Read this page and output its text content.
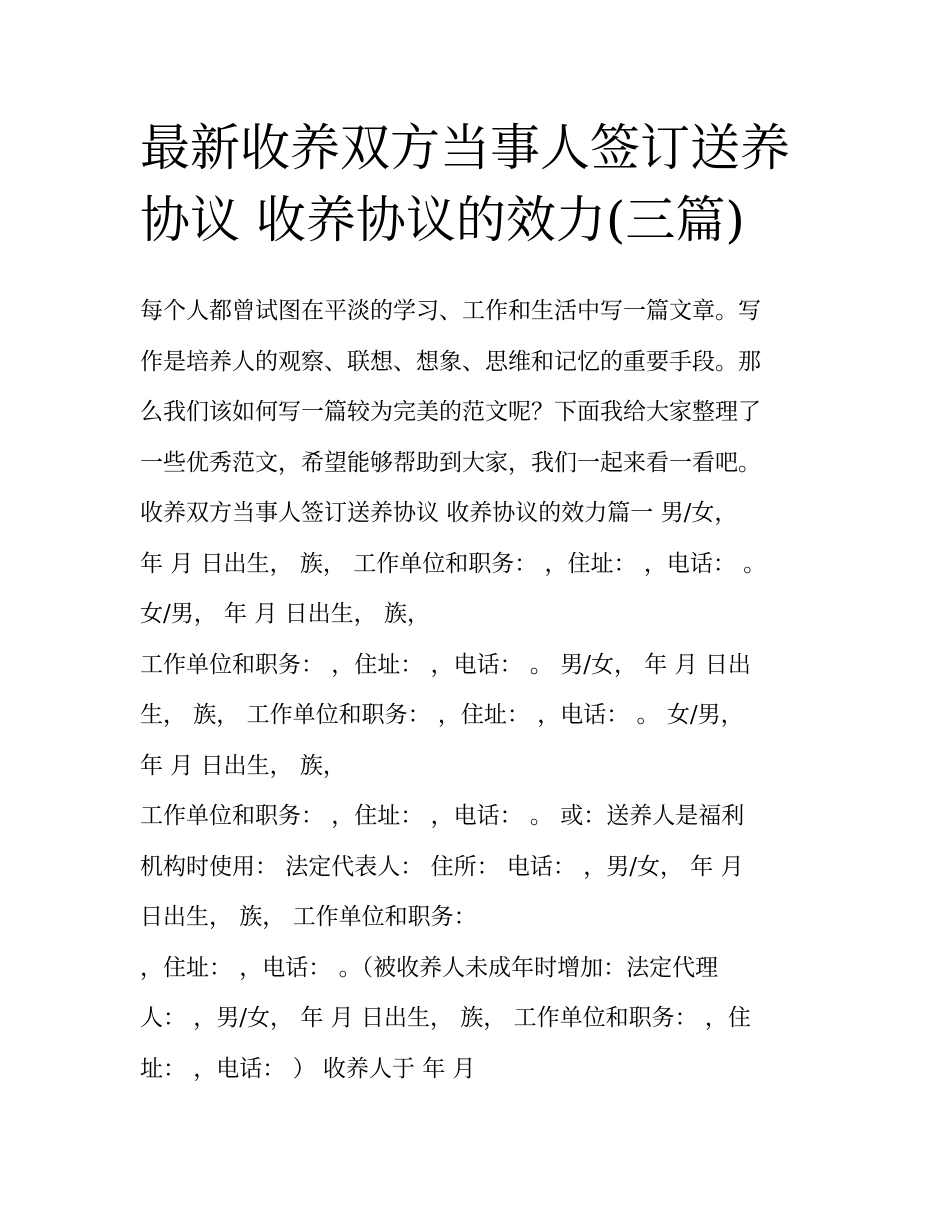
最新收养双方当事人签订送养
协议 收养协议的效力(三篇)
每个人都曾试图在平淡的学习、工作和生活中写一篇文章。写
作是培养人的观察、联想、想象、思维和记忆的重要手段。那
么我们该如何写一篇较为完美的范文呢？下面我给大家整理了
一些优秀范文，希望能够帮助到大家，我们一起来看一看吧。
收养双方当事人签订送养协议 收养协议的效力篇一 男/女，
年 月 日出生， 族， 工作单位和职务： ，住址： ，电话： 。
女/男， 年 月 日出生， 族，
工作单位和职务： ，住址： ，电话： 。 男/女， 年 月 日出
生， 族， 工作单位和职务： ，住址： ，电话： 。 女/男，
年 月 日出生， 族，
工作单位和职务： ，住址： ，电话： 。 或：送养人是福利
机构时使用： 法定代表人： 住所： 电话： ，男/女， 年 月
日出生， 族， 工作单位和职务：
，住址： ，电话： 。（被收养人未成年时增加：法定代理
人： ，男/女， 年 月 日出生， 族， 工作单位和职务： ，住
址： ，电话： ） 收养人于 年 月
